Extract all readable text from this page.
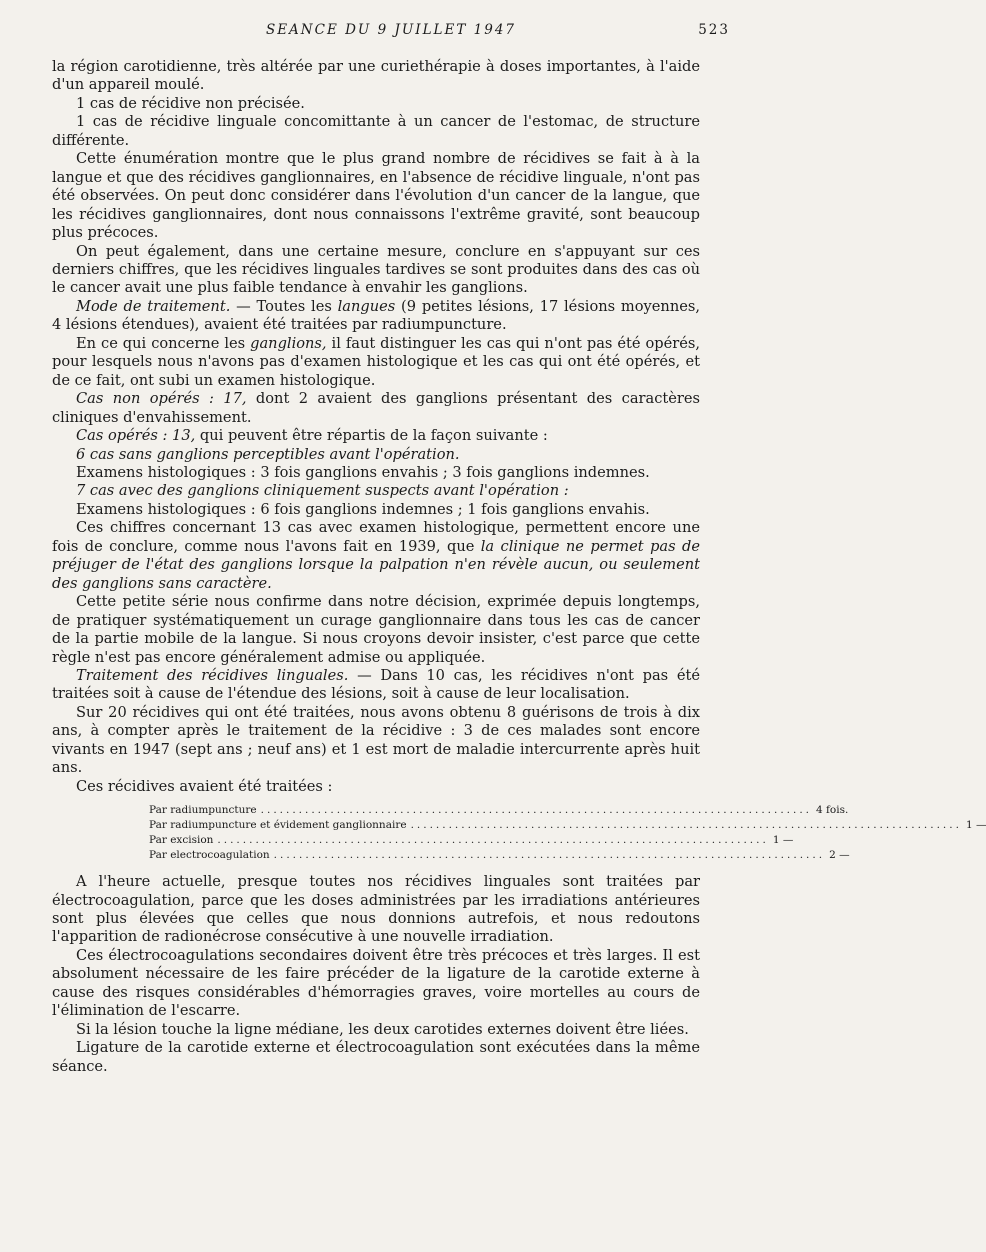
SEANCE DU 9 JUILLET 1947	523

la région carotidienne, très altérée par une curiethérapie à doses importantes, à l'aide d'un appareil moulé.

1 cas de récidive non précisée.

1 cas de récidive linguale concomittante à un cancer de l'estomac, de structure différente.

Cette énumération montre que le plus grand nombre de récidives se fait à à la langue et que des récidives ganglionnaires, en l'absence de récidive linguale, n'ont pas été observées. On peut donc considérer dans l'évolution d'un cancer de la langue, que les récidives ganglionnaires, dont nous connaissons l'extrême gravité, sont beaucoup plus précoces.

On peut également, dans une certaine mesure, conclure en s'appuyant sur ces derniers chiffres, que les récidives linguales tardives se sont produites dans des cas où le cancer avait une plus faible tendance à envahir les ganglions.

Mode de traitement. — Toutes les langues (9 petites lésions, 17 lésions moyennes, 4 lésions étendues), avaient été traitées par radiumpuncture.

En ce qui concerne les ganglions, il faut distinguer les cas qui n'ont pas été opérés, pour lesquels nous n'avons pas d'examen histologique et les cas qui ont été opérés, et de ce fait, ont subi un examen histologique.

Cas non opérés : 17, dont 2 avaient des ganglions présentant des caractères cliniques d'envahissement.

Cas opérés : 13, qui peuvent être répartis de la façon suivante :

6 cas sans ganglions perceptibles avant l'opération.

Examens histologiques : 3 fois ganglions envahis ; 3 fois ganglions indemnes.

7 cas avec des ganglions cliniquement suspects avant l'opération :

Examens histologiques : 6 fois ganglions indemnes ; 1 fois ganglions envahis.

Ces chiffres concernant 13 cas avec examen histologique, permettent encore une fois de conclure, comme nous l'avons fait en 1939, que la clinique ne permet pas de préjuger de l'état des ganglions lorsque la palpation n'en révèle aucun, ou seulement des ganglions sans caractère.

Cette petite série nous confirme dans notre décision, exprimée depuis longtemps, de pratiquer systématiquement un curage ganglionnaire dans tous les cas de cancer de la partie mobile de la langue. Si nous croyons devoir insister, c'est parce que cette règle n'est pas encore généralement admise ou appliquée.

Traitement des récidives linguales. — Dans 10 cas, les récidives n'ont pas été traitées soit à cause de l'étendue des lésions, soit à cause de leur localisation.

Sur 20 récidives qui ont été traitées, nous avons obtenu 8 guérisons de trois à dix ans, à compter après le traitement de la récidive : 3 de ces malades sont encore vivants en 1947 (sept ans ; neuf ans) et 1 est mort de maladie intercurrente après huit ans.

Ces récidives avaient été traitées :

Par radiumpuncture ....................................................................................... 4 fois.
Par radiumpuncture et évidement ganglionnaire ....................................................................................... 1 —
Par excision ....................................................................................... 1 —
Par electrocoagulation ....................................................................................... 2 —

A l'heure actuelle, presque toutes nos récidives linguales sont traitées par électrocoagulation, parce que les doses administrées par les irradiations antérieures sont plus élevées que celles que nous donnions autrefois, et nous redoutons l'apparition de radionécrose consécutive à une nouvelle irradiation.

Ces électrocoagulations secondaires doivent être très précoces et très larges. Il est absolument nécessaire de les faire précéder de la ligature de la carotide externe à cause des risques considérables d'hémorragies graves, voire mortelles au cours de l'élimination de l'escarre.

Si la lésion touche la ligne médiane, les deux carotides externes doivent être liées.

Ligature de la carotide externe et électrocoagulation sont exécutées dans la même séance.
